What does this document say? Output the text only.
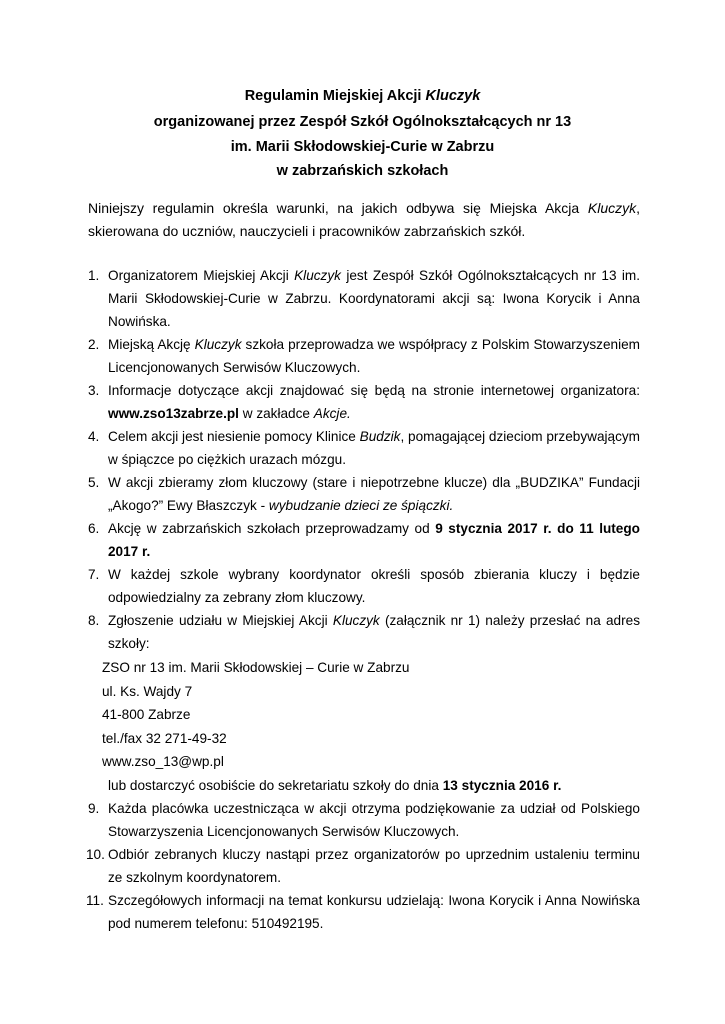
Regulamin Miejskiej Akcji Kluczyk
organizowanej przez Zespół Szkół Ogólnokształcących nr 13
im. Marii Skłodowskiej-Curie w Zabrzu
w zabrzańskich szkołach
Niniejszy regulamin określa warunki, na jakich odbywa się Miejska Akcja Kluczyk, skierowana do uczniów, nauczycieli i pracowników zabrzańskich szkół.
1. Organizatorem Miejskiej Akcji Kluczyk jest Zespół Szkół Ogólnokształcących nr 13 im. Marii Skłodowskiej-Curie w Zabrzu. Koordynatorami akcji są: Iwona Korycik i Anna Nowińska.
2. Miejską Akcję Kluczyk szkoła przeprowadza we współpracy z Polskim Stowarzyszeniem Licencjonowanych Serwisów Kluczowych.
3. Informacje dotyczące akcji znajdować się będą na stronie internetowej organizatora: www.zso13zabrze.pl w zakładce Akcje.
4. Celem akcji jest niesienie pomocy Klinice Budzik, pomagającej dzieciom przebywającym w śpiączce po ciężkich urazach mózgu.
5. W akcji zbieramy złom kluczowy (stare i niepotrzebne klucze) dla „BUDZIKA” Fundacji „Akogo?” Ewy Błaszczyk - wybudzanie dzieci ze śpiączki.
6. Akcję w zabrzańskich szkołach przeprowadzamy od 9 stycznia 2017 r. do 11 lutego 2017 r.
7. W każdej szkole wybrany koordynator określi sposób zbierania kluczy i będzie odpowiedzialny za zebrany złom kluczowy.
8. Zgłoszenie udziału w Miejskiej Akcji Kluczyk (załącznik nr 1) należy przesłać na adres szkoły:
ZSO nr 13 im. Marii Skłodowskiej – Curie w Zabrzu
ul. Ks. Wajdy 7
41-800 Zabrze
tel./fax 32 271-49-32
www.zso_13@wp.pl
lub dostarczyć osobiście do sekretariatu szkoły do dnia 13 stycznia 2016 r.
9. Każda placówka uczestnicząca w akcji otrzyma podziękowanie za udział od Polskiego Stowarzyszenia Licencjonowanych Serwisów Kluczowych.
10. Odbiór zebranych kluczy nastąpi przez organizatorów po uprzednim ustaleniu terminu ze szkolnym koordynatorem.
11. Szczegółowych informacji na temat konkursu udzielają: Iwona Korycik i Anna Nowińska pod numerem telefonu: 510492195.
